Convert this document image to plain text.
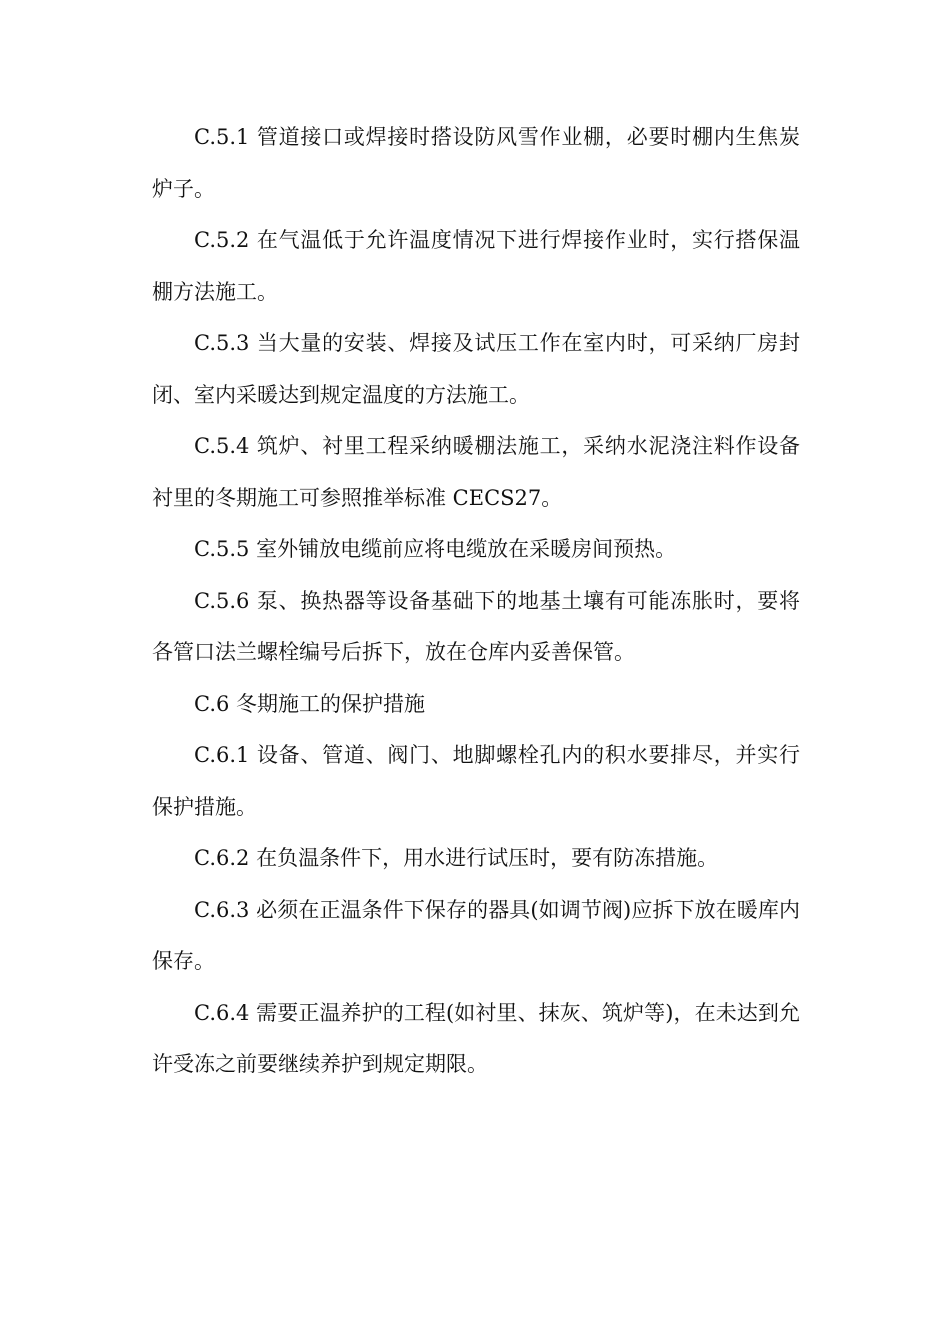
C.5.1 管道接口或焊接时搭设防风雪作业棚，必要时棚内生焦炭炉子。

C.5.2 在气温低于允许温度情况下进行焊接作业时，实行搭保温棚方法施工。

C.5.3 当大量的安装、焊接及试压工作在室内时，可采纳厂房封闭、室内采暖达到规定温度的方法施工。

C.5.4 筑炉、衬里工程采纳暖棚法施工，采纳水泥浇注料作设备衬里的冬期施工可参照推举标准 CECS27。

C.5.5 室外铺放电缆前应将电缆放在采暖房间预热。

C.5.6 泵、换热器等设备基础下的地基土壤有可能冻胀时，要将各管口法兰螺栓编号后拆下，放在仓库内妥善保管。

C.6 冬期施工的保护措施

C.6.1 设备、管道、阀门、地脚螺栓孔内的积水要排尽，并实行保护措施。

C.6.2 在负温条件下，用水进行试压时，要有防冻措施。

C.6.3 必须在正温条件下保存的器具(如调节阀)应拆下放在暖库内保存。

C.6.4 需要正温养护的工程(如衬里、抹灰、筑炉等)，在未达到允许受冻之前要继续养护到规定期限。
